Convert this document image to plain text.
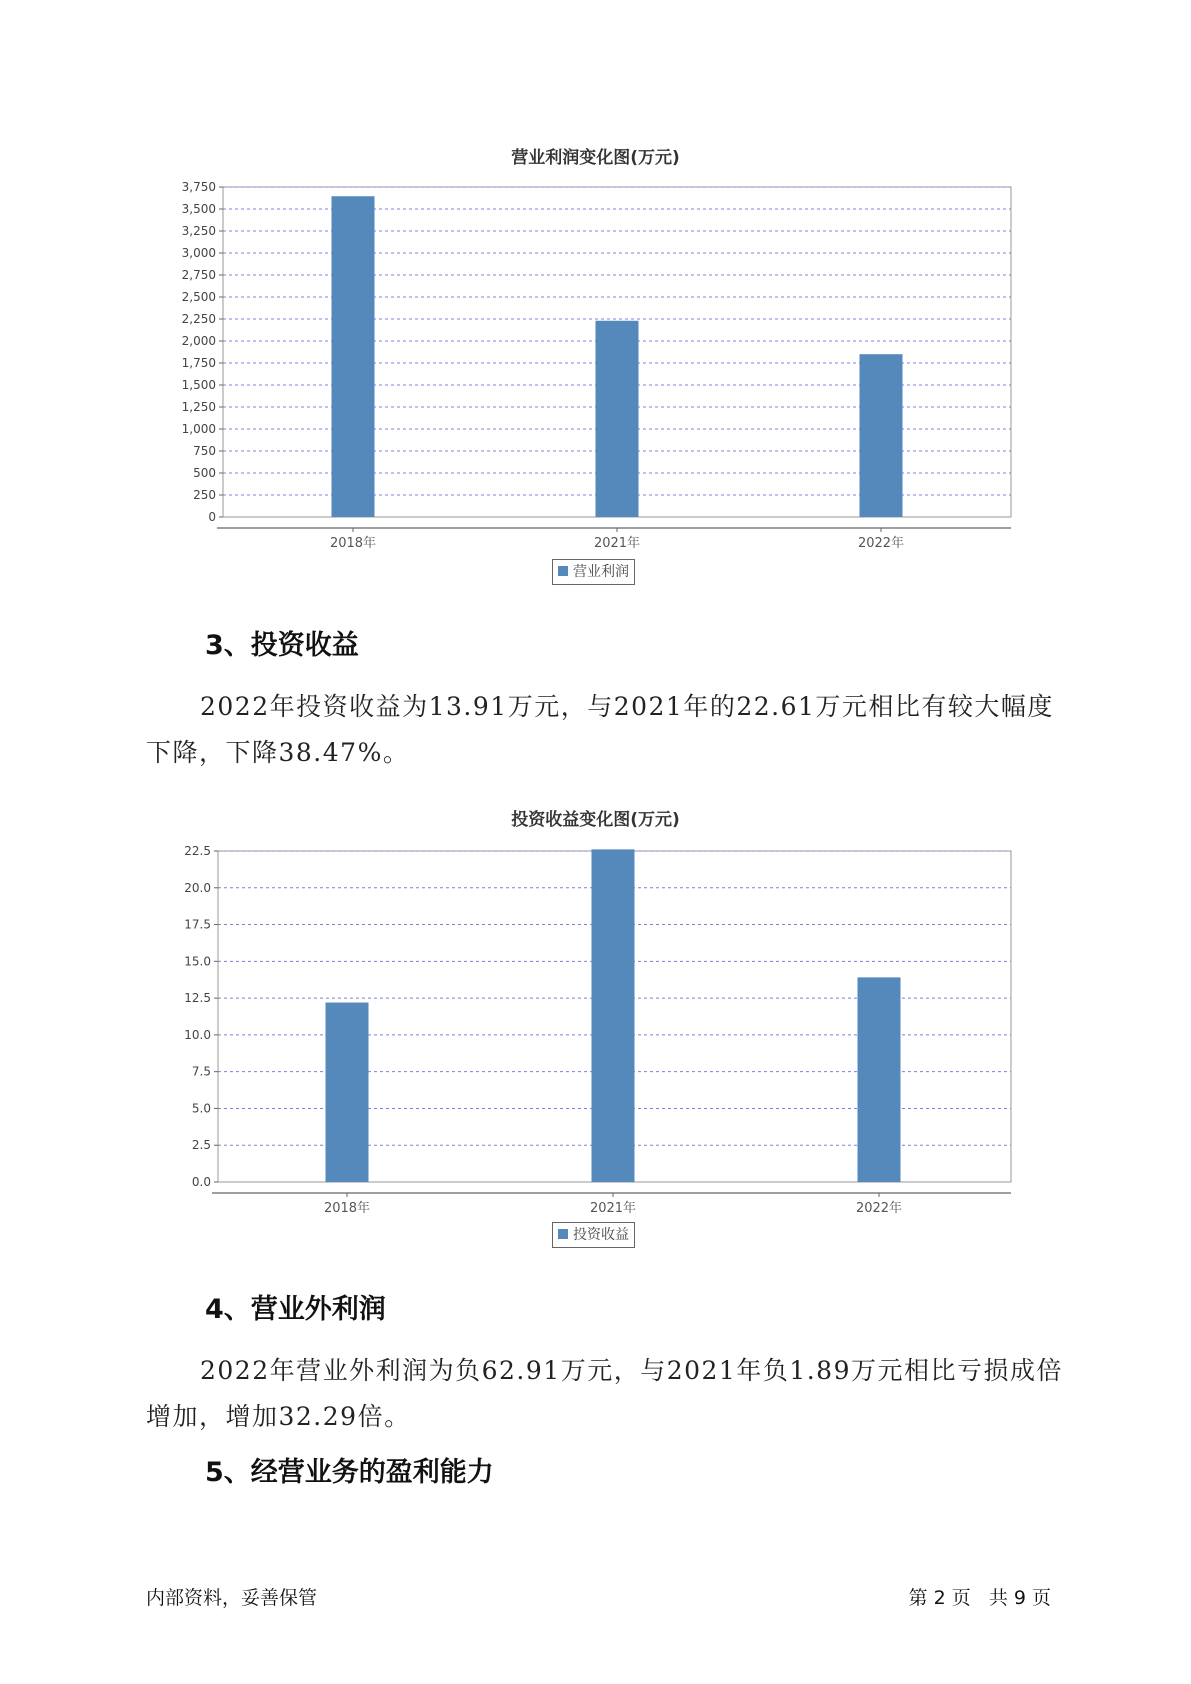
营业利润变化图(万元)
0
250
500
750
1,000
1,250
1,500
1,750
2,000
2,250
2,500
2,750
3,000
3,250
3,500
3,750
2018年	2021年	2022年
营业利润
3、投资收益
2022年投资收益为13.91万元，与2021年的22.61万元相比有较大幅度下降，下降38.47%。
投资收益变化图(万元)
0.0
2.5
5.0
7.5
10.0
12.5
15.0
17.5
20.0
22.5
2018年	2021年	2022年
投资收益
4、营业外利润
2022年营业外利润为负62.91万元，与2021年负1.89万元相比亏损成倍增加，增加32.29倍。
5、经营业务的盈利能力
内部资料，妥善保管	第 2 页   共 9 页
